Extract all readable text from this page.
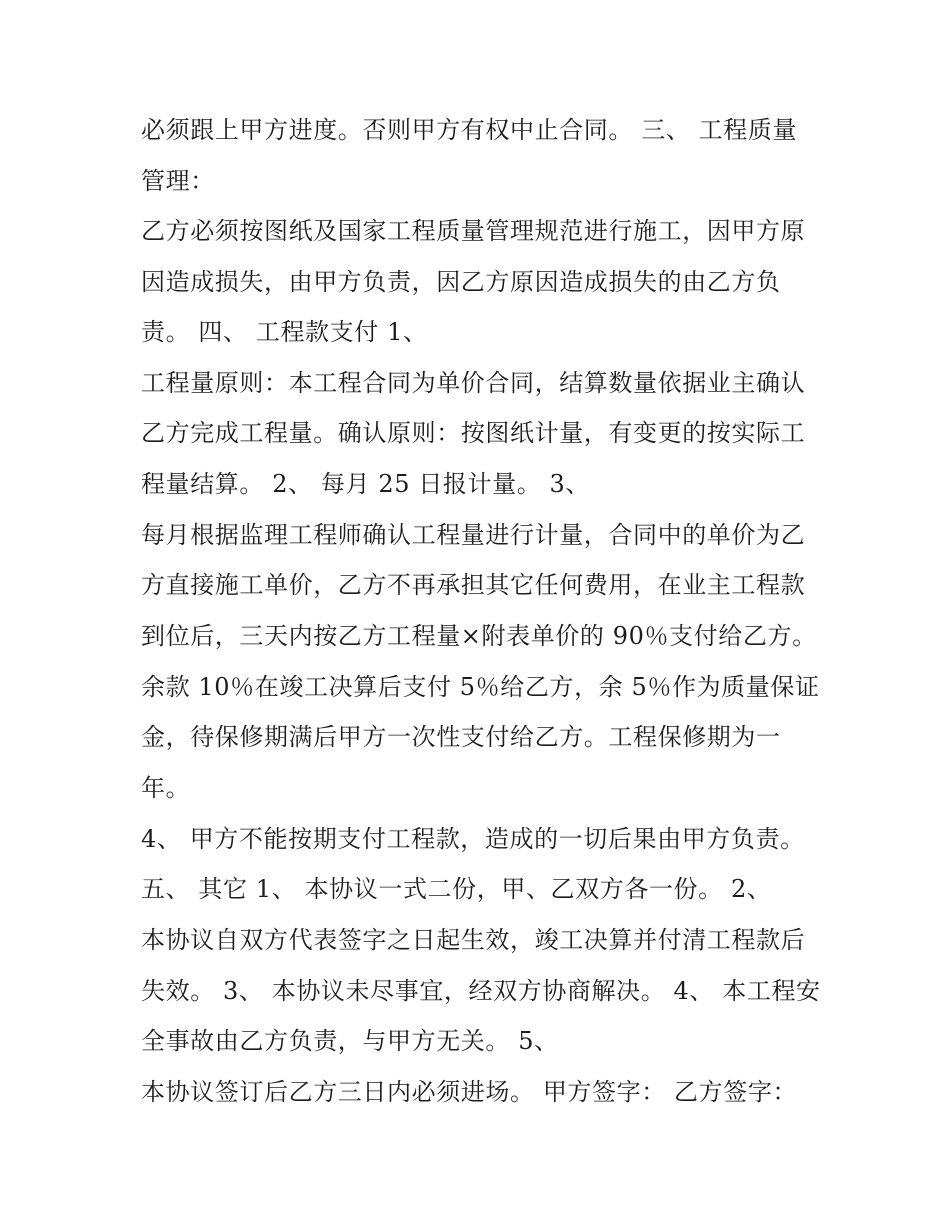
必须跟上甲方进度。否则甲方有权中止合同。 三、 工程质量
管理：
乙方必须按图纸及国家工程质量管理规范进行施工，因甲方原
因造成损失，由甲方负责，因乙方原因造成损失的由乙方负
责。 四、 工程款支付 1、
工程量原则：本工程合同为单价合同，结算数量依据业主确认
乙方完成工程量。确认原则：按图纸计量，有变更的按实际工
程量结算。 2、 每月 25 日报计量。 3、
每月根据监理工程师确认工程量进行计量，合同中的单价为乙
方直接施工单价，乙方不再承担其它任何费用，在业主工程款
到位后，三天内按乙方工程量×附表单价的 90％支付给乙方。
余款 10％在竣工决算后支付 5％给乙方，余 5％作为质量保证
金，待保修期满后甲方一次性支付给乙方。工程保修期为一
年。
4、 甲方不能按期支付工程款，造成的一切后果由甲方负责。
五、 其它 1、 本协议一式二份，甲、乙双方各一份。 2、
本协议自双方代表签字之日起生效，竣工决算并付清工程款后
失效。 3、 本协议未尽事宜，经双方协商解决。 4、 本工程安
全事故由乙方负责，与甲方无关。 5、
本协议签订后乙方三日内必须进场。 甲方签字： 乙方签字：
